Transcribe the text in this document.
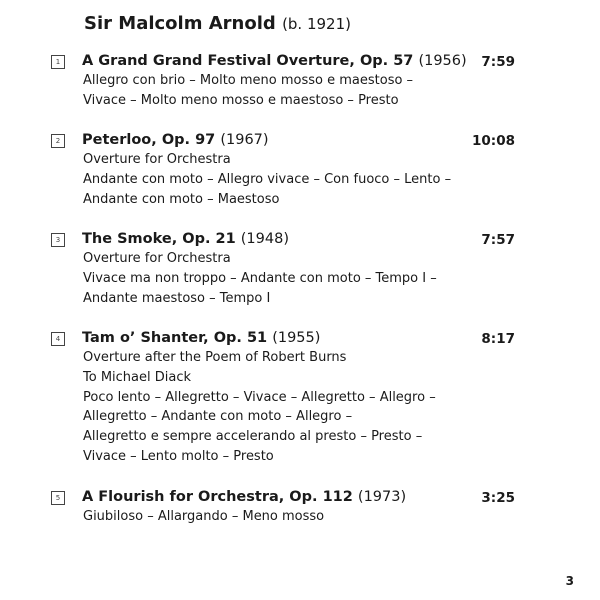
Sir Malcolm Arnold (b. 1921)
1	A Grand Grand Festival Overture, Op. 57 (1956) 7:59
Allegro con brio – Molto meno mosso e maestoso –
Vivace – Molto meno mosso e maestoso – Presto
2	Peterloo, Op. 97 (1967)	10:08
Overture for Orchestra
Andante con moto – Allegro vivace – Con fuoco – Lento –
Andante con moto – Maestoso
3	The Smoke, Op. 21 (1948)	7:57
Overture for Orchestra
Vivace ma non troppo – Andante con moto – Tempo I –
Andante maestoso – Tempo I
4	Tam o’ Shanter, Op. 51 (1955)	8:17
Overture after the Poem of Robert Burns
To Michael Diack
Poco lento – Allegretto – Vivace – Allegretto – Allegro –
Allegretto – Andante con moto – Allegro –
Allegretto e sempre accelerando al presto – Presto –
Vivace – Lento molto – Presto
5	A Flourish for Orchestra, Op. 112 (1973)	3:25
Giubiloso – Allargando – Meno mosso
3
